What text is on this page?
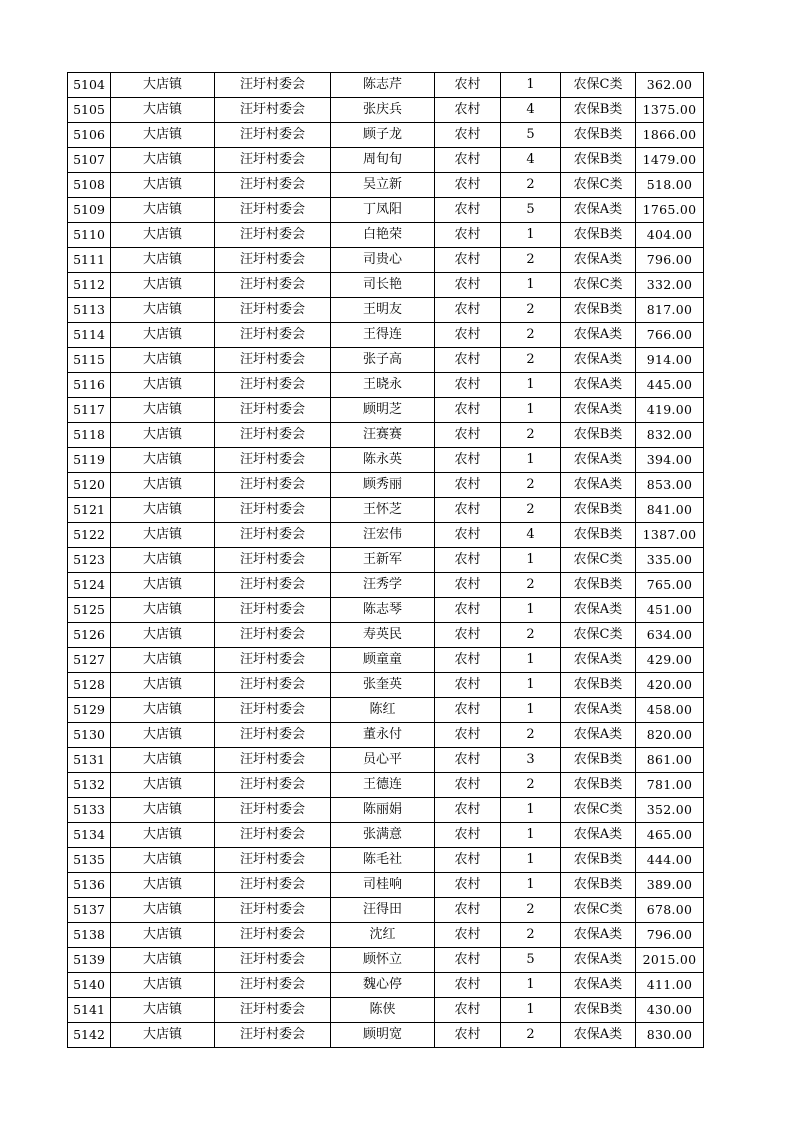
5104	大店镇	汪圩村委会	陈志芹	农村	1	农保C类	362.00
5105	大店镇	汪圩村委会	张庆兵	农村	4	农保B类	1375.00
5106	大店镇	汪圩村委会	顾子龙	农村	5	农保B类	1866.00
5107	大店镇	汪圩村委会	周旬旬	农村	4	农保B类	1479.00
5108	大店镇	汪圩村委会	吴立新	农村	2	农保C类	518.00
5109	大店镇	汪圩村委会	丁凤阳	农村	5	农保A类	1765.00
5110	大店镇	汪圩村委会	白艳荣	农村	1	农保B类	404.00
5111	大店镇	汪圩村委会	司贵心	农村	2	农保A类	796.00
5112	大店镇	汪圩村委会	司长艳	农村	1	农保C类	332.00
5113	大店镇	汪圩村委会	王明友	农村	2	农保B类	817.00
5114	大店镇	汪圩村委会	王得连	农村	2	农保A类	766.00
5115	大店镇	汪圩村委会	张子高	农村	2	农保A类	914.00
5116	大店镇	汪圩村委会	王晓永	农村	1	农保A类	445.00
5117	大店镇	汪圩村委会	顾明芝	农村	1	农保A类	419.00
5118	大店镇	汪圩村委会	汪赛赛	农村	2	农保B类	832.00
5119	大店镇	汪圩村委会	陈永英	农村	1	农保A类	394.00
5120	大店镇	汪圩村委会	顾秀丽	农村	2	农保A类	853.00
5121	大店镇	汪圩村委会	王怀芝	农村	2	农保B类	841.00
5122	大店镇	汪圩村委会	汪宏伟	农村	4	农保B类	1387.00
5123	大店镇	汪圩村委会	王新军	农村	1	农保C类	335.00
5124	大店镇	汪圩村委会	汪秀学	农村	2	农保B类	765.00
5125	大店镇	汪圩村委会	陈志琴	农村	1	农保A类	451.00
5126	大店镇	汪圩村委会	寿英民	农村	2	农保C类	634.00
5127	大店镇	汪圩村委会	顾童童	农村	1	农保A类	429.00
5128	大店镇	汪圩村委会	张奎英	农村	1	农保B类	420.00
5129	大店镇	汪圩村委会	陈红	农村	1	农保A类	458.00
5130	大店镇	汪圩村委会	董永付	农村	2	农保A类	820.00
5131	大店镇	汪圩村委会	员心平	农村	3	农保B类	861.00
5132	大店镇	汪圩村委会	王德连	农村	2	农保B类	781.00
5133	大店镇	汪圩村委会	陈丽娟	农村	1	农保C类	352.00
5134	大店镇	汪圩村委会	张满意	农村	1	农保A类	465.00
5135	大店镇	汪圩村委会	陈毛社	农村	1	农保B类	444.00
5136	大店镇	汪圩村委会	司桂响	农村	1	农保B类	389.00
5137	大店镇	汪圩村委会	汪得田	农村	2	农保C类	678.00
5138	大店镇	汪圩村委会	沈红	农村	2	农保A类	796.00
5139	大店镇	汪圩村委会	顾怀立	农村	5	农保A类	2015.00
5140	大店镇	汪圩村委会	魏心停	农村	1	农保A类	411.00
5141	大店镇	汪圩村委会	陈侠	农村	1	农保B类	430.00
5142	大店镇	汪圩村委会	顾明宽	农村	2	农保A类	830.00
